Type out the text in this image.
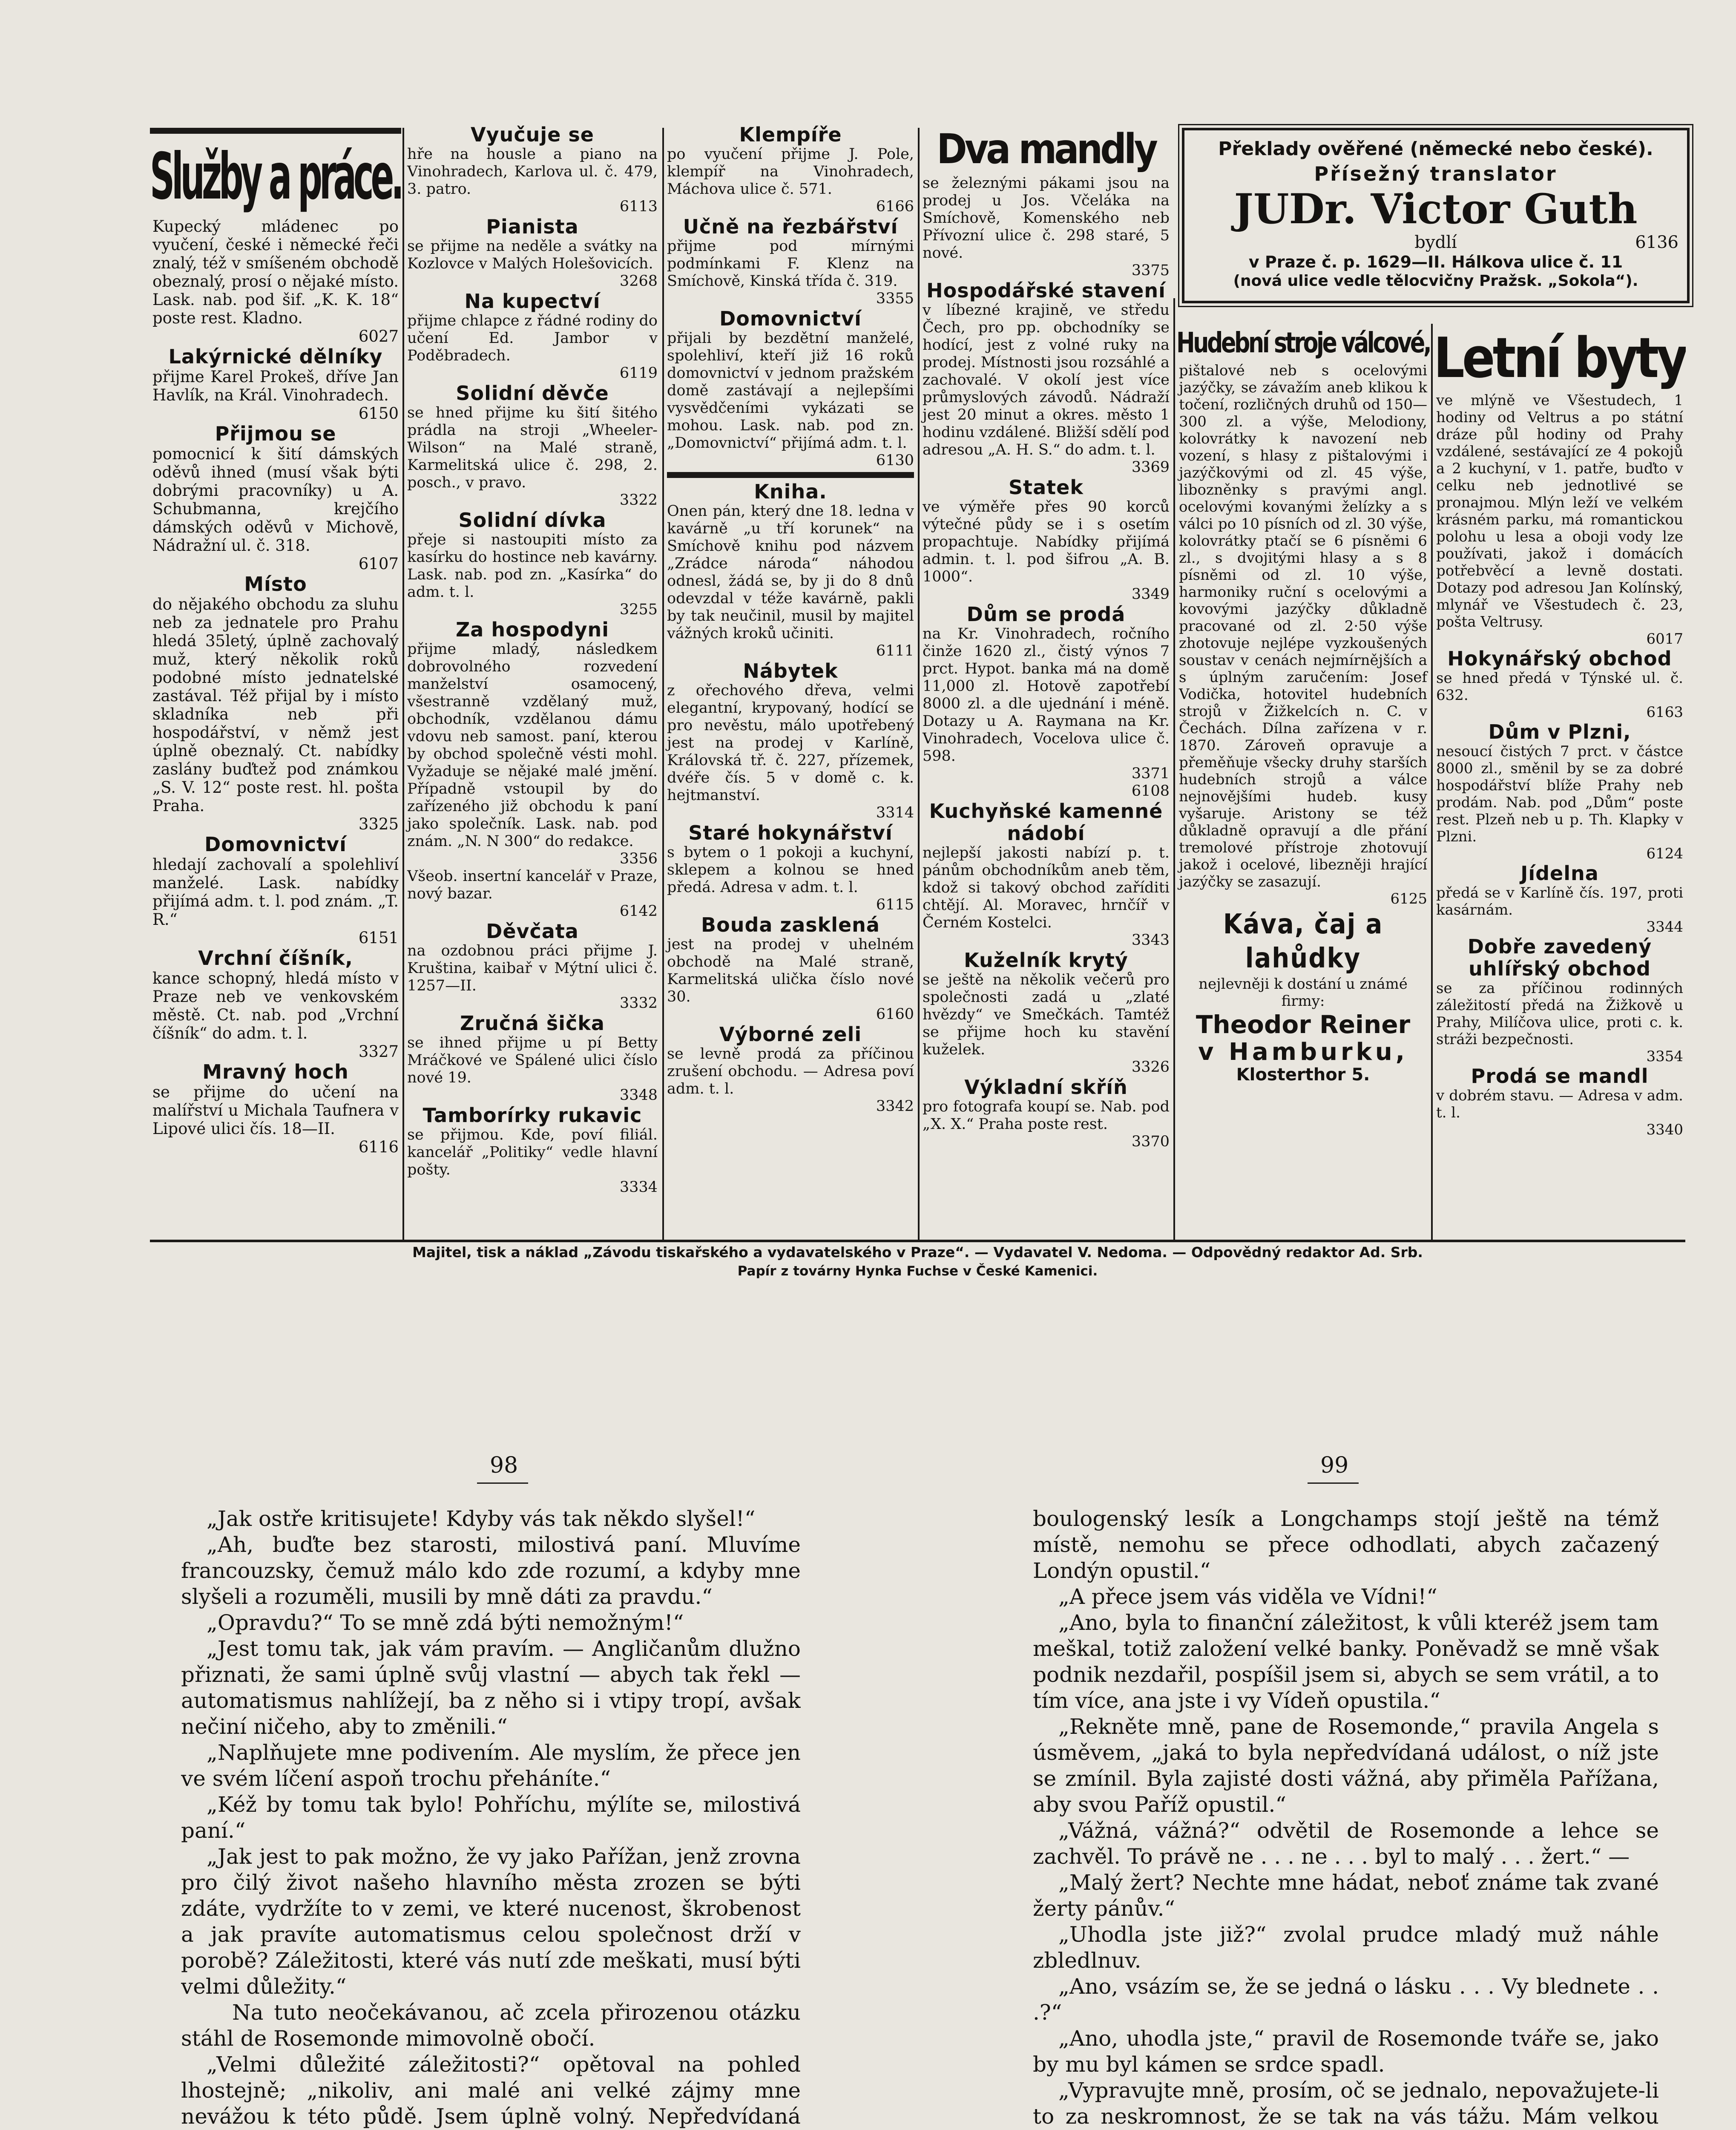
Služby a práce.

Kupecký mládenec po vyučení, české i německé řeči znalý, též v smíšeném obchodě obeznalý, prosí o nějaké místo. Lask. nab. pod šif. „K. K. 18“ poste rest. Kladno.

6027

Lakýrnické dělníky

přijme Karel Prokeš, dříve Jan Havlík, na Král. Vinohradech.

6150

Přijmou se

pomocnicí k šití dámských oděvů ihned (musí však býti dobrými pracovníky) u A. Schubmanna, krejčího dámských oděvů v Michově, Nádražní ul. č. 318.

6107

Místo

do nějakého obchodu za sluhu neb za jednatele pro Prahu hledá 35letý, úplně zachovalý muž, který několik roků podobné místo jednatelské zastával. Též přijal by i místo skladníka neb při hospodářství, v němž jest úplně obeznalý. Ct. nabídky zaslány buďtež pod známkou „S. V. 12“ poste rest. hl. pošta Praha.

3325

Domovnictví

hledají zachovalí a spolehliví manželé. Lask. nabídky přijímá adm. t. l. pod znám. „T. R.“

6151

Vrchní číšník,

kance schopný, hledá místo v Praze neb ve venkovském městě. Ct. nab. pod „Vrchní číšník“ do adm. t. l.

3327

Mravný hoch

se přijme do učení na malířství u Michala Taufnera v Lipové ulici čís. 18—II.

6116

Vyučuje se

hře na housle a piano na Vinohradech, Karlova ul. č. 479, 3. patro.

6113

Pianista

se přijme na neděle a svátky na Kozlovce v Malých Holešovicích.

3268

Na kupectví

přijme chlapce z řádné rodiny do učení Ed. Jambor v Poděbradech.

6119

Solidní děvče

se hned přijme ku šití šitého prádla na stroji „Wheeler-Wilson“ na Malé straně, Karmelitská ulice č. 298, 2. posch., v pravo.

3322

Solidní dívka

přeje si nastoupiti místo za kasírku do hostince neb kavárny. Lask. nab. pod zn. „Kasírka“ do adm. t. l.

3255

Za hospodyni

přijme mladý, následkem dobrovolného rozvedení manželství osamocený, všestranně vzdělaný muž, obchodník, vzdělanou dámu vdovu neb samost. paní, kterou by obchod společně vésti mohl. Vyžaduje se nějaké malé jmění. Případně vstoupil by do zařízeného již obchodu k paní jako společník. Lask. nab. pod znám. „N. N 300“ do redakce.

3356

Všeob. insertní kancelář v Praze, nový bazar.

6142

Děvčata

na ozdobnou práci přijme J. Kruština, kaibař v Mýtní ulici č. 1257—II.

3332

Zručná šička

se ihned přijme u pí Betty Mráčkové ve Spálené ulici číslo nové 19.

3348

Tamborírky rukavic

se přijmou. Kde, poví filiál. kancelář „Politiky“ vedle hlavní pošty.

3334

Klempíře

po vyučení přijme J. Pole, klempíř na Vinohradech, Máchova ulice č. 571.

6166

Učně na řezbářství

přijme pod mírnými podmínkami F. Klenz na Smíchově, Kinská třída č. 319.

3355

Domovnictví

přijali by bezdětní manželé, spolehliví, kteří již 16 roků domovnictví v jednom pražském domě zastávají a nejlepšími vysvědčeními vykázati se mohou. Lask. nab. pod zn. „Domovnictví“ přijímá adm. t. l.

6130

Kniha.

Onen pán, který dne 18. ledna v kavárně „u tří korunek“ na Smíchově knihu pod názvem „Zrádce národa“ náhodou odnesl, žádá se, by ji do 8 dnů odevzdal v téže kavárně, pakli by tak neučinil, musil by majitel vážných kroků učiniti.

6111

Nábytek

z ořechového dřeva, velmi elegantní, krypovaný, hodící se pro nevěstu, málo upotřebený jest na prodej v Karlíně, Královská tř. č. 227, přízemek, dvéře čís. 5 v domě c. k. hejtmanství.

3314

Staré hokynářství

s bytem o 1 pokoji a kuchyní, sklepem a kolnou se hned předá. Adresa v adm. t. l.

6115

Bouda zasklená

jest na prodej v uhelném obchodě na Malé straně, Karmelitská ulička číslo nové 30.

6160

Výborné zeli

se levně prodá za příčinou zrušení obchodu. — Adresa poví adm. t. l.

3342

Dva mandly

se železnými pákami jsou na prodej u Jos. Včeláka na Smíchově, Komenského neb Přívozní ulice č. 298 staré, 5 nové.

3375

Hospodářské stavení

v líbezné krajině, ve středu Čech, pro pp. obchodníky se hodící, jest z volné ruky na prodej. Místnosti jsou rozsáhlé a zachovalé. V okolí jest více průmyslových závodů. Nádraží jest 20 minut a okres. město 1 hodinu vzdálené. Bližší sdělí pod adresou „A. H. S.“ do adm. t. l.

3369

Statek

ve výměře přes 90 korců výtečné půdy se i s osetím propachtuje. Nabídky přijímá admin. t. l. pod šifrou „A. B. 1000“.

3349

Dům se prodá

na Kr. Vinohradech, ročního činže 1620 zl., čistý výnos 7 prct. Hypot. banka má na domě 11,000 zl. Hotově zapotřebí 8000 zl. a dle ujednání i méně. Dotazy u A. Raymana na Kr. Vinohradech, Vocelova ulice č. 598.

3371

6108

Kuchyňské kamenné nádobí

nejlepší jakosti nabízí p. t. pánům obchodníkům aneb těm, kdož si takový obchod zaříditi chtějí. Al. Moravec, hrnčíř v Černém Kostelci.

3343

Kuželník krytý

se ještě na několik večerů pro společnosti zadá u „zlaté hvězdy“ ve Smečkách. Tamtéž se přijme hoch ku stavění kuželek.

3326

Výkladní skříň

pro fotografa koupí se. Nab. pod „X. X.“ Praha poste rest.

3370

Překlady ověřené (německé nebo české).
Přísežný translator
JUDr. Victor Guth
bydlí	6136
v Praze č. p. 1629—II. Hálkova ulice č. 11
(nová ulice vedle tělocvičny Pražsk. „Sokola“).
Hudební stroje válcové,

pištalové neb s ocelovými jazýčky, se závažím aneb klikou k točení, rozličných druhů od 150—300 zl. a výše, Melodiony, kolovrátky k navození neb vození, s hlasy z pištalovými i jazýčkovými od zl. 45 výše, libozněnky s pravými angl. ocelovými kovanými želízky a s válci po 10 písních od zl. 30 výše, kolovrátky ptačí se 6 písněmi 6 zl., s dvojitými hlasy a s 8 písněmi od zl. 10 výše, harmoniky ruční s ocelovými a kovovými jazýčky důkladně pracované od zl. 2·50 výše zhotovuje nejlépe vyzkoušených soustav v cenách nejmírnějších a s úplným zaručením: Josef Vodička, hotovitel hudebních strojů v Žižkelcích n. C. v Čechách. Dílna zařízena v r. 1870. Zároveň opravuje a přeměňuje všecky druhy starších hudebních strojů a válce nejnovějšími hudeb. kusy vyšaruje. Aristony se též důkladně opravují a dle přání tremolové přístroje zhotovují jakož i ocelové, libezněji hrající jazýčky se zasazují.

6125

Káva, čaj a lahůdky

nejlevněji k dostání u známé firmy:

Theodor Reiner
v Hamburku,
Klosterthor 5.
Letní byty

ve mlýně ve Všestudech, 1 hodiny od Veltrus a po státní dráze půl hodiny od Prahy vzdálené, sestávající ze 4 pokojů a 2 kuchyní, v 1. patře, buďto v celku neb jednotlivé se pronajmou. Mlýn leží ve velkém krásném parku, má romantickou polohu u lesa a oboji vody lze používati, jakož i domácích potřebvěcí a levně dostati. Dotazy pod adresou Jan Kolínský, mlynář ve Všestudech č. 23, pošta Veltrusy.

6017

Hokynářský obchod

se hned předá v Týnské ul. č. 632.

6163

Dům v Plzni,

nesoucí čistých 7 prct. v částce 8000 zl., směnil by se za dobré hospodářství blíže Prahy neb prodám. Nab. pod „Dům“ poste rest. Plzeň neb u p. Th. Klapky v Plzni.

6124

Jídelna

předá se v Karlíně čís. 197, proti kasárnám.

3344

Dobře zavedený uhlířský obchod

se za příčinou rodinných záležitostí předá na Žižkově u Prahy, Milíčova ulice, proti c. k. stráži bezpečnosti.

3354

Prodá se mandl

v dobrém stavu. — Adresa v adm. t. l.

3340

Majitel, tisk a náklad „Závodu tiskařského a vydavatelského v Praze“. — Vydavatel V. Nedoma. — Odpovědný redaktor Ad. Srb.
Papír z továrny Hynka Fuchse v České Kamenici.
98	99

„Jak ostře kritisujete! Kdyby vás tak někdo slyšel!“

„Ah, buďte bez starosti, milostivá paní. Mluvíme francouzsky, čemuž málo kdo zde rozumí, a kdyby mne slyšeli a rozuměli, musili by mně dáti za pravdu.“

„Opravdu?“ To se mně zdá býti nemožným!“

„Jest tomu tak, jak vám pravím. — Angličanům dlužno přiznati, že sami úplně svůj vlastní — abych tak řekl — automatismus nahlížejí, ba z něho si i vtipy tropí, avšak nečiní ničeho, aby to změnili.“

„Naplňujete mne podivením. Ale myslím, že přece jen ve svém líčení aspoň trochu přeháníte.“

„Kéž by tomu tak bylo! Pohříchu, mýlíte se, milostivá paní.“

„Jak jest to pak možno, že vy jako Pařížan, jenž zrovna pro čilý život našeho hlavního města zrozen se býti zdáte, vydržíte to v zemi, ve které nucenost, škrobenost a jak pravíte automatismus celou společnost drží v porobě? Záležitosti, které vás nutí zde meškati, musí býti velmi důležity.“

Na tuto neočekávanou, ač zcela přirozenou otázku stáhl de Rosemonde mimovolně obočí.

„Velmi důležité záležitosti?“ opětoval na pohled lhostejně; „nikoliv, ani malé ani velké zájmy mne nevážou k této půdě. Jsem úplně volný. Nepředvídaná

boulogenský lesík a Longchamps stojí ještě na témž místě, nemohu se přece odhodlati, abych začazený Londýn opustil.“

„A přece jsem vás viděla ve Vídni!“

„Ano, byla to finanční záležitost, k vůli kteréž jsem tam meškal, totiž založení velké banky. Poněvadž se mně však podnik nezdařil, pospíšil jsem si, abych se sem vrátil, a to tím více, ana jste i vy Vídeň opustila.“

„Rekněte mně, pane de Rosemonde,“ pravila Angela s úsměvem, „jaká to byla nepředvídaná událost, o níž jste se zmínil. Byla zajisté dosti vážná, aby přiměla Pařížana, aby svou Paříž opustil.“

„Vážná, vážná?“ odvětil de Rosemonde a lehce se zachvěl. To právě ne . . . ne . . . byl to malý . . . žert.“ —

„Malý žert? Nechte mne hádat, neboť známe tak zvané žerty pánův.“

„Uhodla jste již?“ zvolal prudce mladý muž náhle zbledlnuv.

„Ano, vsázím se, že se jedná o lásku . . . Vy blednete . . .?“

„Ano, uhodla jste,“ pravil de Rosemonde tváře se, jako by mu byl kámen se srdce spadl.

„Vypravujte mně, prosím, oč se jednalo, nepovažujete-li to za neskromnost, že se tak na vás tážu. Mám velkou
